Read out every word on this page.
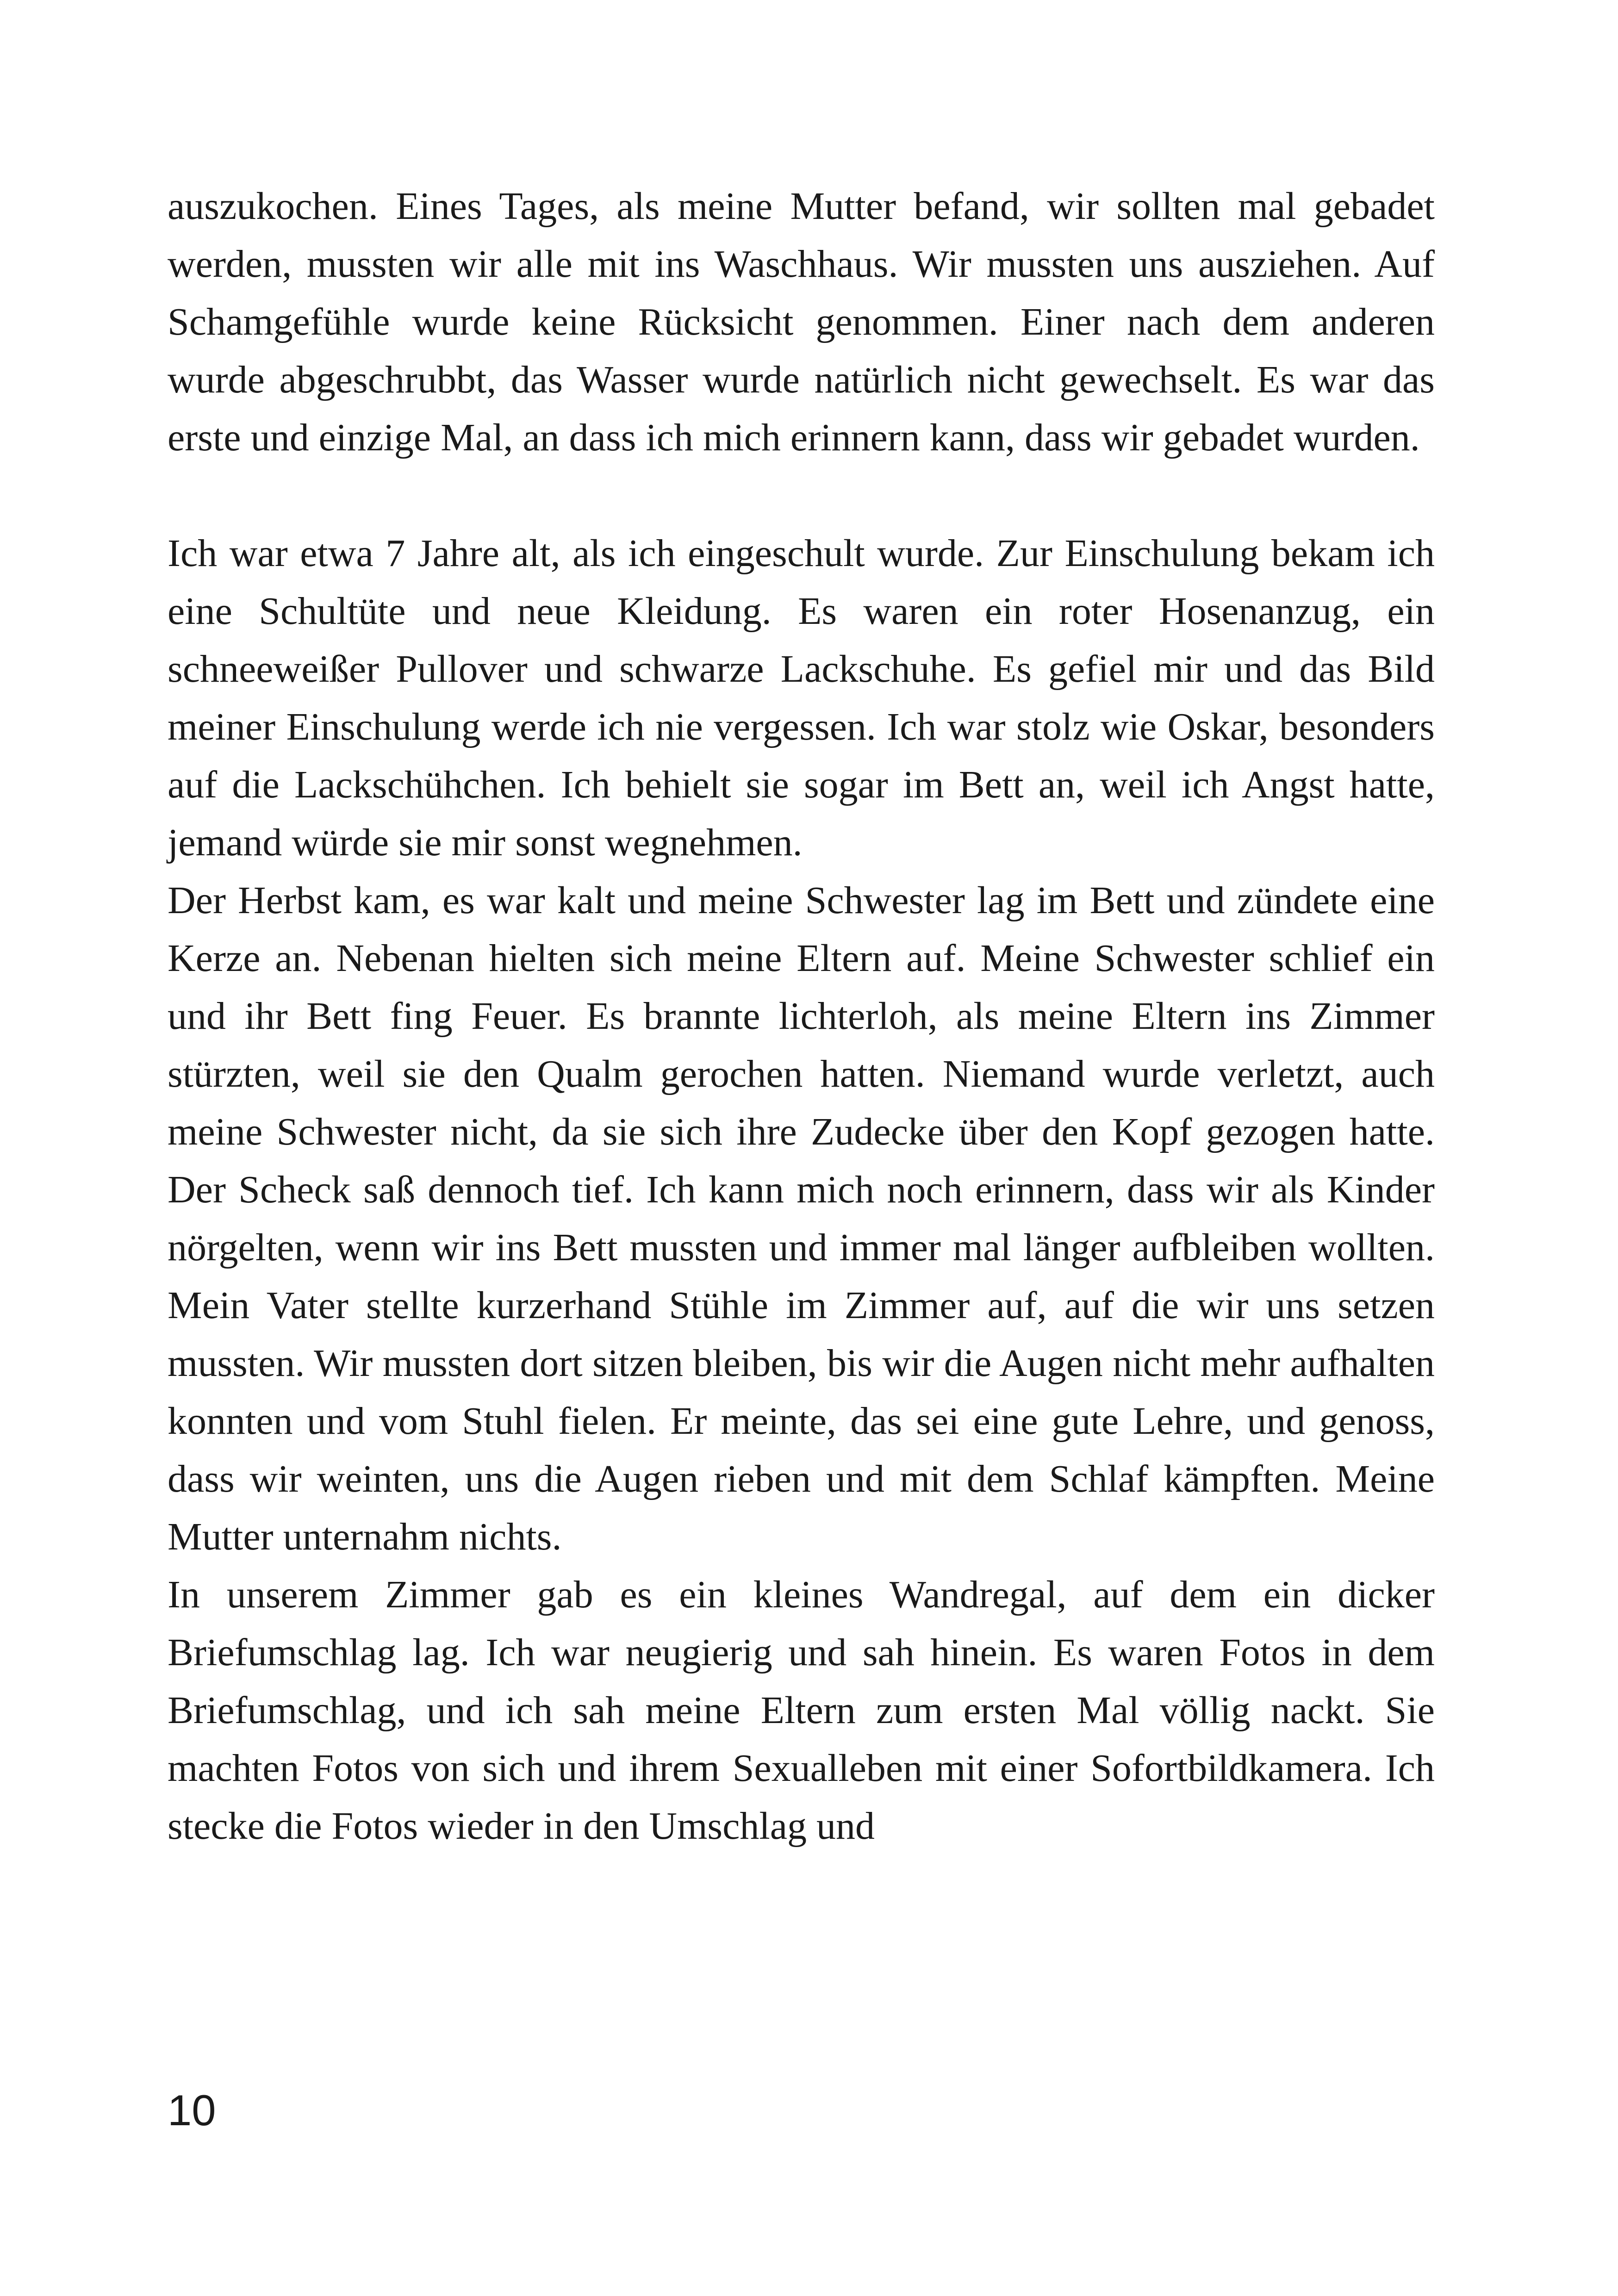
auszukochen. Eines Tages, als meine Mutter befand, wir sollten mal gebadet werden, mussten wir alle mit ins Waschhaus. Wir mussten uns ausziehen. Auf Schamgefühle wurde keine Rücksicht genommen. Einer nach dem anderen wurde abgeschrubbt, das Wasser wurde natürlich nicht gewechselt. Es war das erste und einzige Mal, an dass ich mich erinnern kann, dass wir gebadet wurden.

Ich war etwa 7 Jahre alt, als ich eingeschult wurde. Zur Einschulung bekam ich eine Schultüte und neue Kleidung. Es waren ein roter Hosenanzug, ein schneeweißer Pullover und schwarze Lackschuhe. Es gefiel mir und das Bild meiner Einschulung werde ich nie vergessen. Ich war stolz wie Oskar, besonders auf die Lackschühchen. Ich behielt sie sogar im Bett an, weil ich Angst hatte, jemand würde sie mir sonst wegnehmen.

Der Herbst kam, es war kalt und meine Schwester lag im Bett und zündete eine Kerze an. Nebenan hielten sich meine Eltern auf. Meine Schwester schlief ein und ihr Bett fing Feuer. Es brannte lichterloh, als meine Eltern ins Zimmer stürzten, weil sie den Qualm gerochen hatten. Niemand wurde verletzt, auch meine Schwester nicht, da sie sich ihre Zudecke über den Kopf gezogen hatte. Der Scheck saß dennoch tief. Ich kann mich noch erinnern, dass wir als Kinder nörgelten, wenn wir ins Bett mussten und immer mal länger aufbleiben wollten. Mein Vater stellte kurzerhand Stühle im Zimmer auf, auf die wir uns setzen mussten. Wir mussten dort sitzen bleiben, bis wir die Augen nicht mehr aufhalten konnten und vom Stuhl fielen. Er meinte, das sei eine gute Lehre, und genoss, dass wir weinten, uns die Augen rieben und mit dem Schlaf kämpften. Meine Mutter unternahm nichts.

In unserem Zimmer gab es ein kleines Wandregal, auf dem ein dicker Briefumschlag lag. Ich war neugierig und sah hinein. Es waren Fotos in dem Briefumschlag, und ich sah meine Eltern zum ersten Mal völlig nackt. Sie machten Fotos von sich und ihrem Sexualleben mit einer Sofortbildkamera. Ich stecke die Fotos wieder in den Umschlag und

10
